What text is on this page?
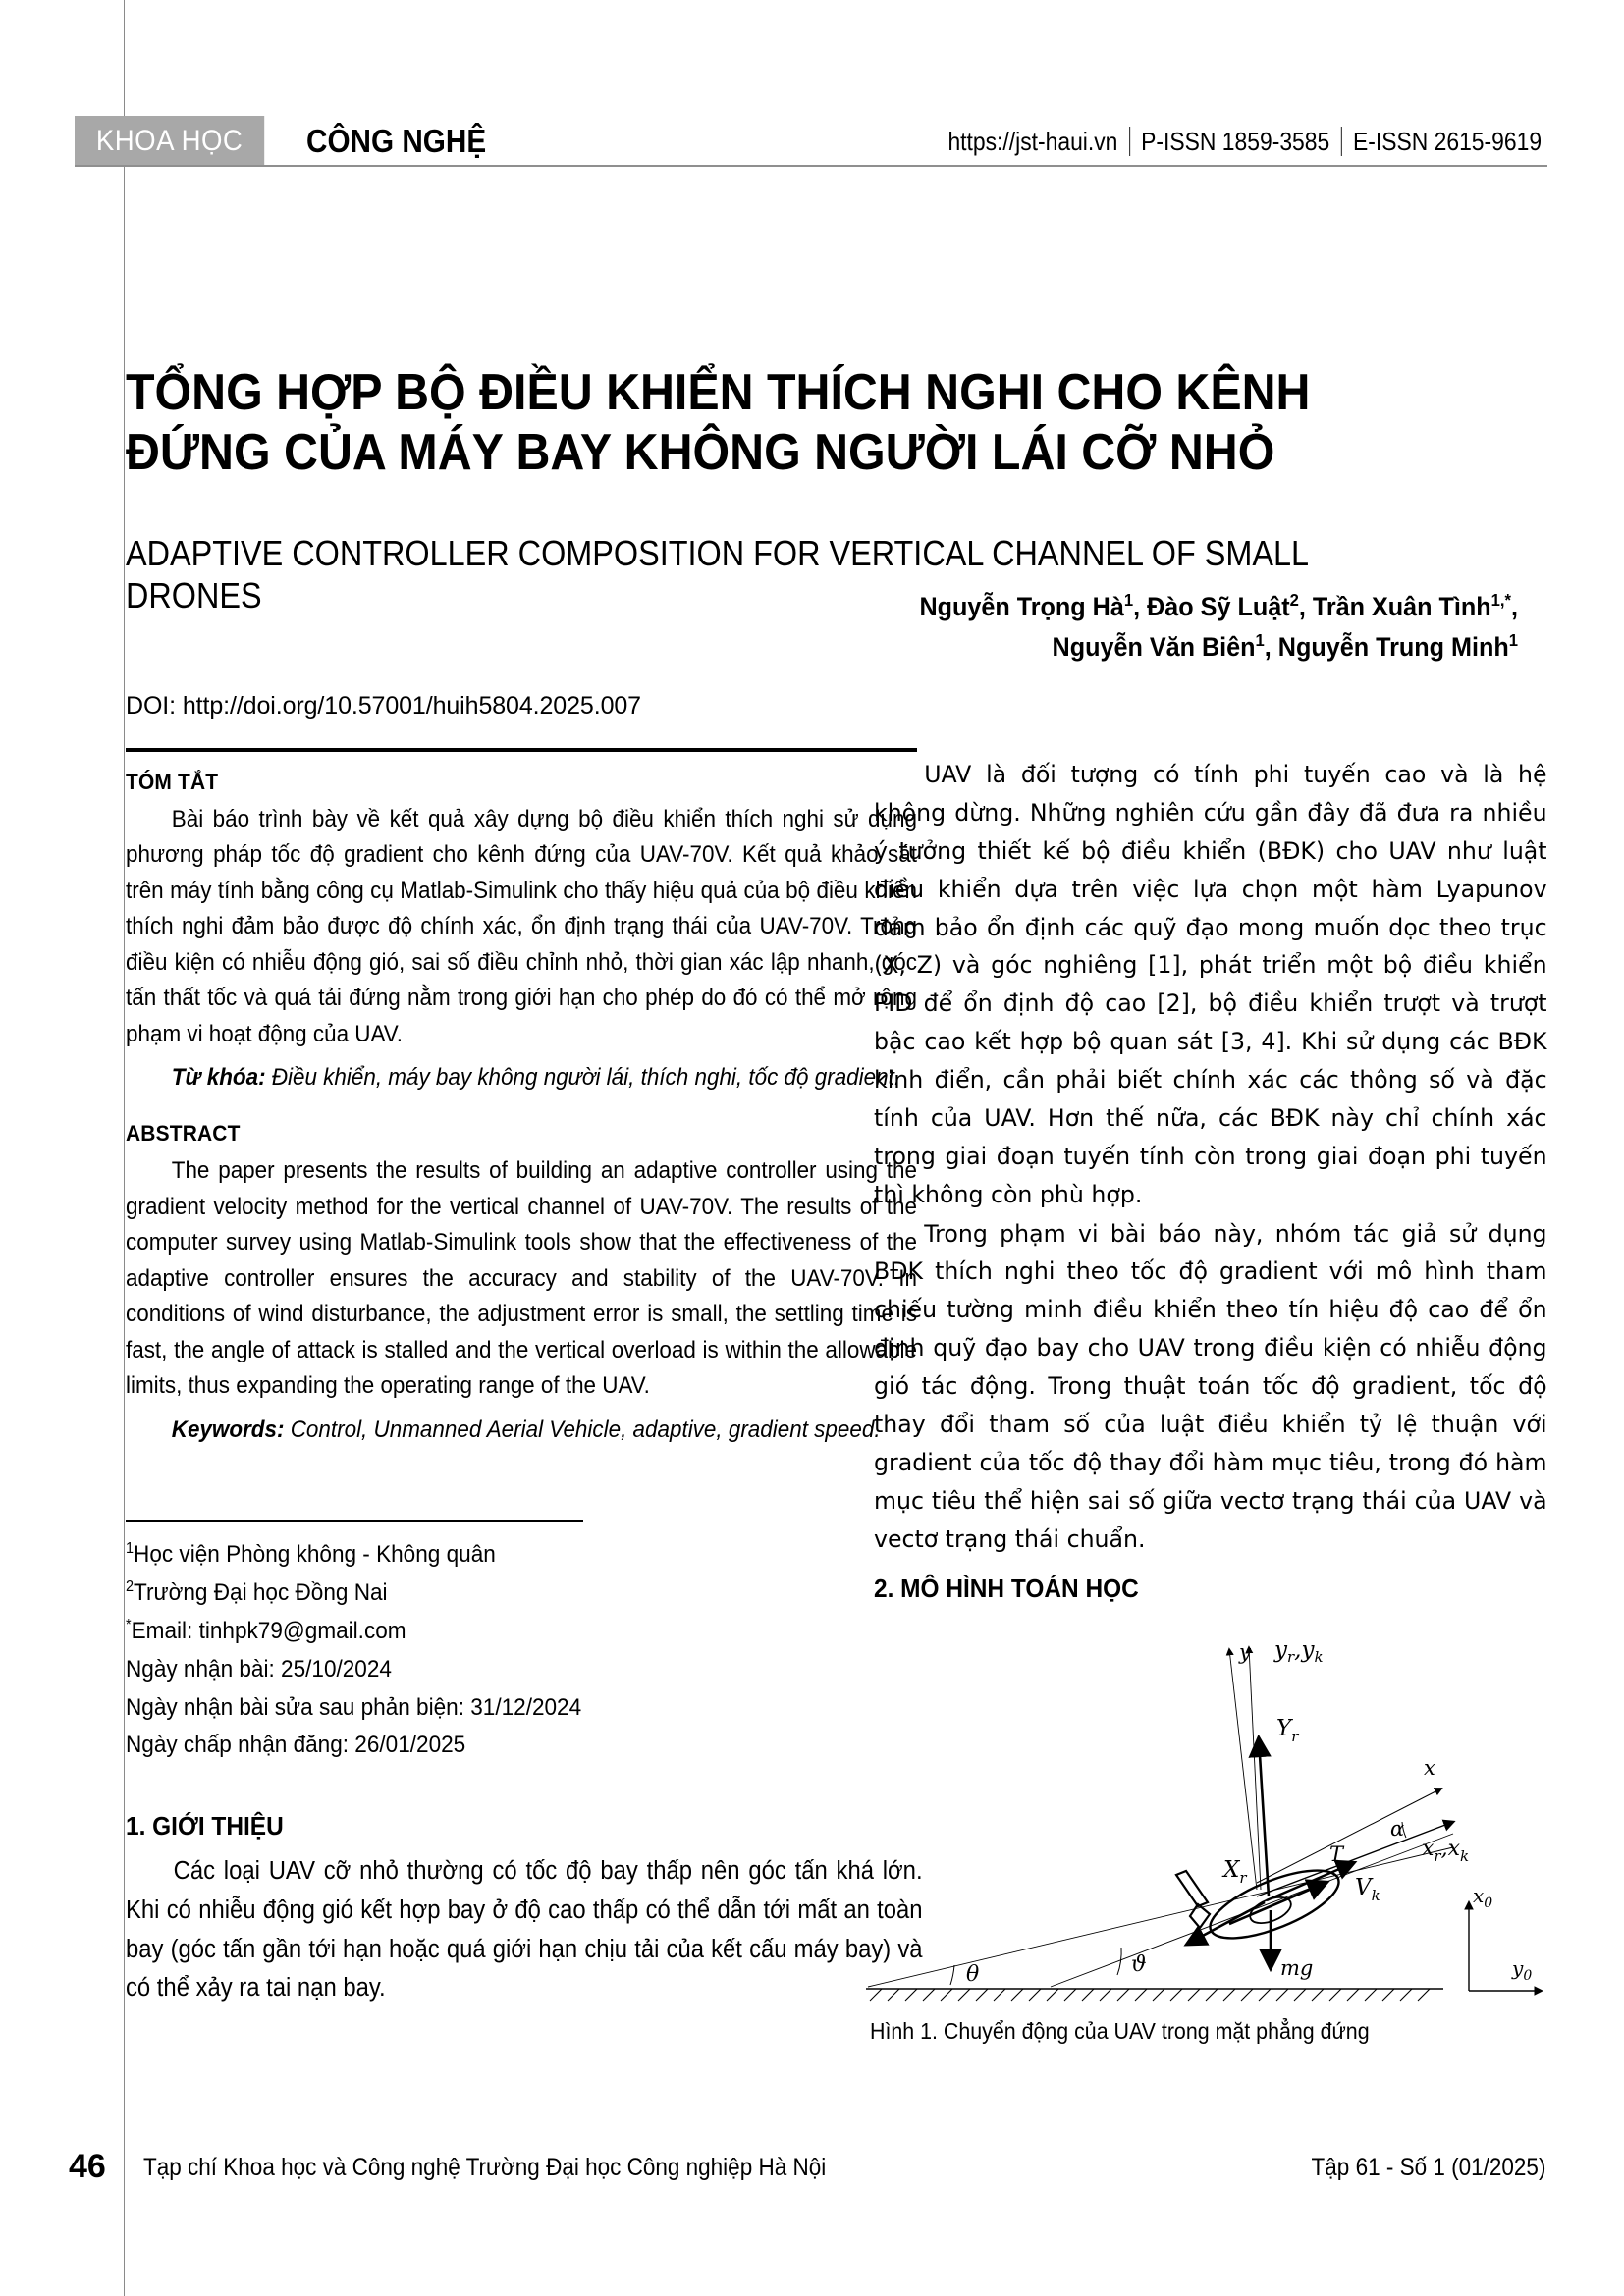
KHOA HỌC	CÔNG NGHỆ	https://jst-haui.vn P-ISSN 1859-3585 E-ISSN 2615-9619
TỔNG HỢP BỘ ĐIỀU KHIỂN THÍCH NGHI CHO KÊNH ĐỨNG CỦA MÁY BAY KHÔNG NGƯỜI LÁI CỠ NHỎ
ADAPTIVE CONTROLLER COMPOSITION FOR VERTICAL CHANNEL OF SMALL DRONES	Nguyễn Trọng $Hà^1$, Đào Sỹ Luật$^2$, Trần Xuân Tình$^{1,*}$,
Nguyễn Văn Biên$^1$, Nguyễn Trung Minh$^1$
DOI: http://doi.org/10.57001/huih5804.2025.007
TÓM TẮT

Bài báo trình bày về kết quả xây dựng bộ điều khiển thích nghi sử dụng phương pháp tốc độ gradient cho kênh đứng của UAV-70V. Kết quả khảo sát trên máy tính bằng công cụ Matlab-Simulink cho thấy hiệu quả của bộ điều khiển thích nghi đảm bảo được độ chính xác, ổn định trạng thái của UAV-70V. Trong điều kiện có nhiễu động gió, sai số điều chỉnh nhỏ, thời gian xác lập nhanh, góc tấn thất tốc và quá tải đứng nằm trong giới hạn cho phép do đó có thể mở rộng phạm vi hoạt động của UAV.

Từ khóa: Điều khiển, máy bay không người lái, thích nghi, tốc độ gradient.

ABSTRACT

The paper presents the results of building an adaptive controller using the gradient velocity method for the vertical channel of UAV-70V. The results of the computer survey using Matlab-Simulink tools show that the effectiveness of the adaptive controller ensures the accuracy and stability of the UAV-70V. In conditions of wind disturbance, the adjustment error is small, the settling time is fast, the angle of attack is stalled and the vertical overload is within the allowable limits, thus expanding the operating range of the UAV.

Keywords: Control, Unmanned Aerial Vehicle, adaptive, gradient speed.

$^1$Học viện Phòng không - Không quân
$^2$Trường Đại học Đồng Nai
*Email: tinhpk79@gmail.com
Ngày nhận bài: 25/10/2024
Ngày nhận bài sửa sau phản biện: 31/12/2024
Ngày chấp nhận đăng: 26/01/2025
1. GIỚI THIỆU
Các loại UAV cỡ nhỏ thường có tốc độ bay thấp nên góc tấn khá lớn. Khi có nhiễu động gió kết hợp bay ở độ cao thấp có thể dẫn tới mất an toàn bay (góc tấn gần tới hạn hoặc quá giới hạn chịu tải của kết cấu máy bay) và có thể xảy ra tai nạn bay.

UAV là đối tượng có tính phi tuyến cao và là hệ không dừng. Những nghiên cứu gần đây đã đưa ra nhiều ý tưởng thiết kế bộ điều khiển (BĐK) cho UAV như luật điều khiển dựa trên việc lựa chọn một hàm Lyapunov đảm bảo ổn định các quỹ đạo mong muốn dọc theo trục (X, Z) và góc nghiêng [1], phát triển một bộ điều khiển PID để ổn định độ cao [2], bộ điều khiển trượt và trượt bậc cao kết hợp bộ quan sát [3, 4]. Khi sử dụng các BĐK kinh điển, cần phải biết chính xác các thông số và đặc tính của UAV. Hơn thế nữa, các BĐK này chỉ chính xác trong giai đoạn tuyến tính còn trong giai đoạn phi tuyến thì không còn phù hợp.

Trong phạm vi bài báo này, nhóm tác giả sử dụng BĐK thích nghi theo tốc độ gradient với mô hình tham chiếu tường minh điều khiển theo tín hiệu độ cao để ổn định quỹ đạo bay cho UAV trong điều kiện có nhiễu động gió tác động. Trong thuật toán tốc độ gradient, tốc độ thay đổi tham số của luật điều khiển tỷ lệ thuận với gradient của tốc độ thay đổi hàm mục tiêu, trong đó hàm mục tiêu thể hiện sai số giữa vectơ trạng thái của UAV và vectơ trạng thái chuẩn.

2. MÔ HÌNH TOÁN HỌC
y $y_r,y_k$
$Y_r$
$X_r$
T
x
α
$x_r,x_k$
$V_k$
mg
θ	ϑ
$x_0$
$y_0$
Hình 1. Chuyển động của UAV trong mặt phẳng đứng
46 Tạp chí Khoa học và Công nghệ Trường Đại học Công nghiệp Hà Nội	Tập 61 - Số 1 (01/2025)
